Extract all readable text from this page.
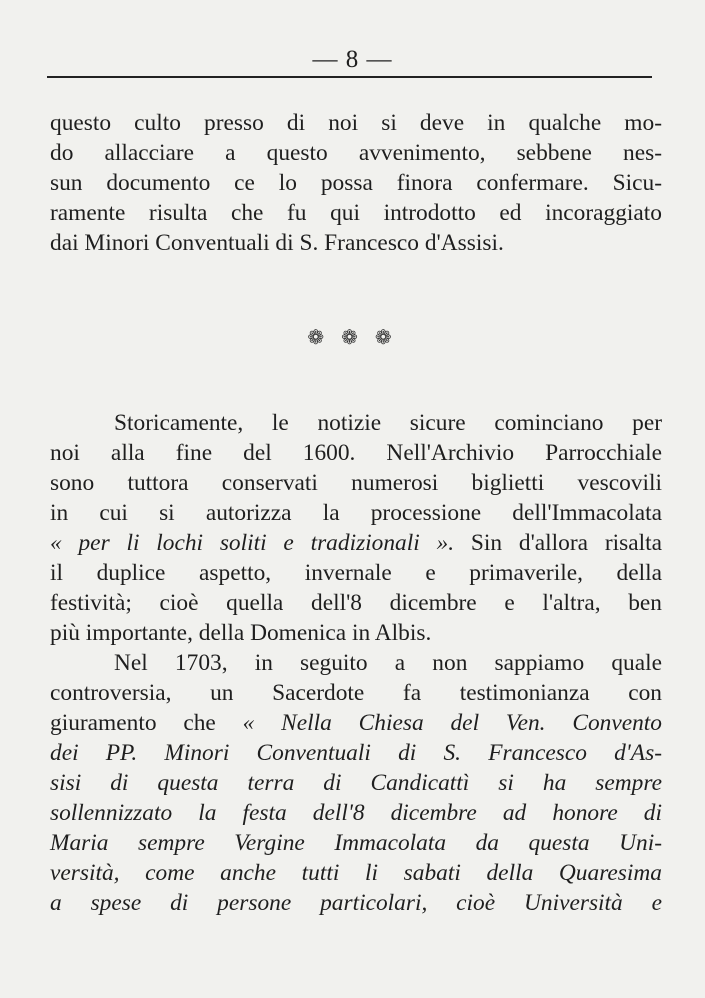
— 8 —

questo culto presso di noi si deve in qualche mo-
do allacciare a questo avvenimento, sebbene nes-
sun documento ce lo possa finora confermare. Sicu-
ramente risulta che fu qui introdotto ed incoraggiato
dai Minori Conventuali di S. Francesco d'Assisi.

❁ ❁ ❁

Storicamente, le notizie sicure cominciano per
noi alla fine del 1600. Nell'Archivio Parrocchiale
sono tuttora conservati numerosi biglietti vescovili
in cui si autorizza la processione dell'Immacolata
« per li lochi soliti e tradizionali ». Sin d'allora risalta
il duplice aspetto, invernale e primaverile, della
festività; cioè quella dell'8 dicembre e l'altra, ben
più importante, della Domenica in Albis.
Nel 1703, in seguito a non sappiamo quale
controversia, un Sacerdote fa testimonianza con
giuramento che « Nella Chiesa del Ven. Convento
dei PP. Minori Conventuali di S. Francesco d'As-
sisi di questa terra di Candicattì si ha sempre
sollennizzato la festa dell'8 dicembre ad honore di
Maria sempre Vergine Immacolata da questa Uni-
versità, come anche tutti li sabati della Quaresima
a spese di persone particolari, cioè Università e
